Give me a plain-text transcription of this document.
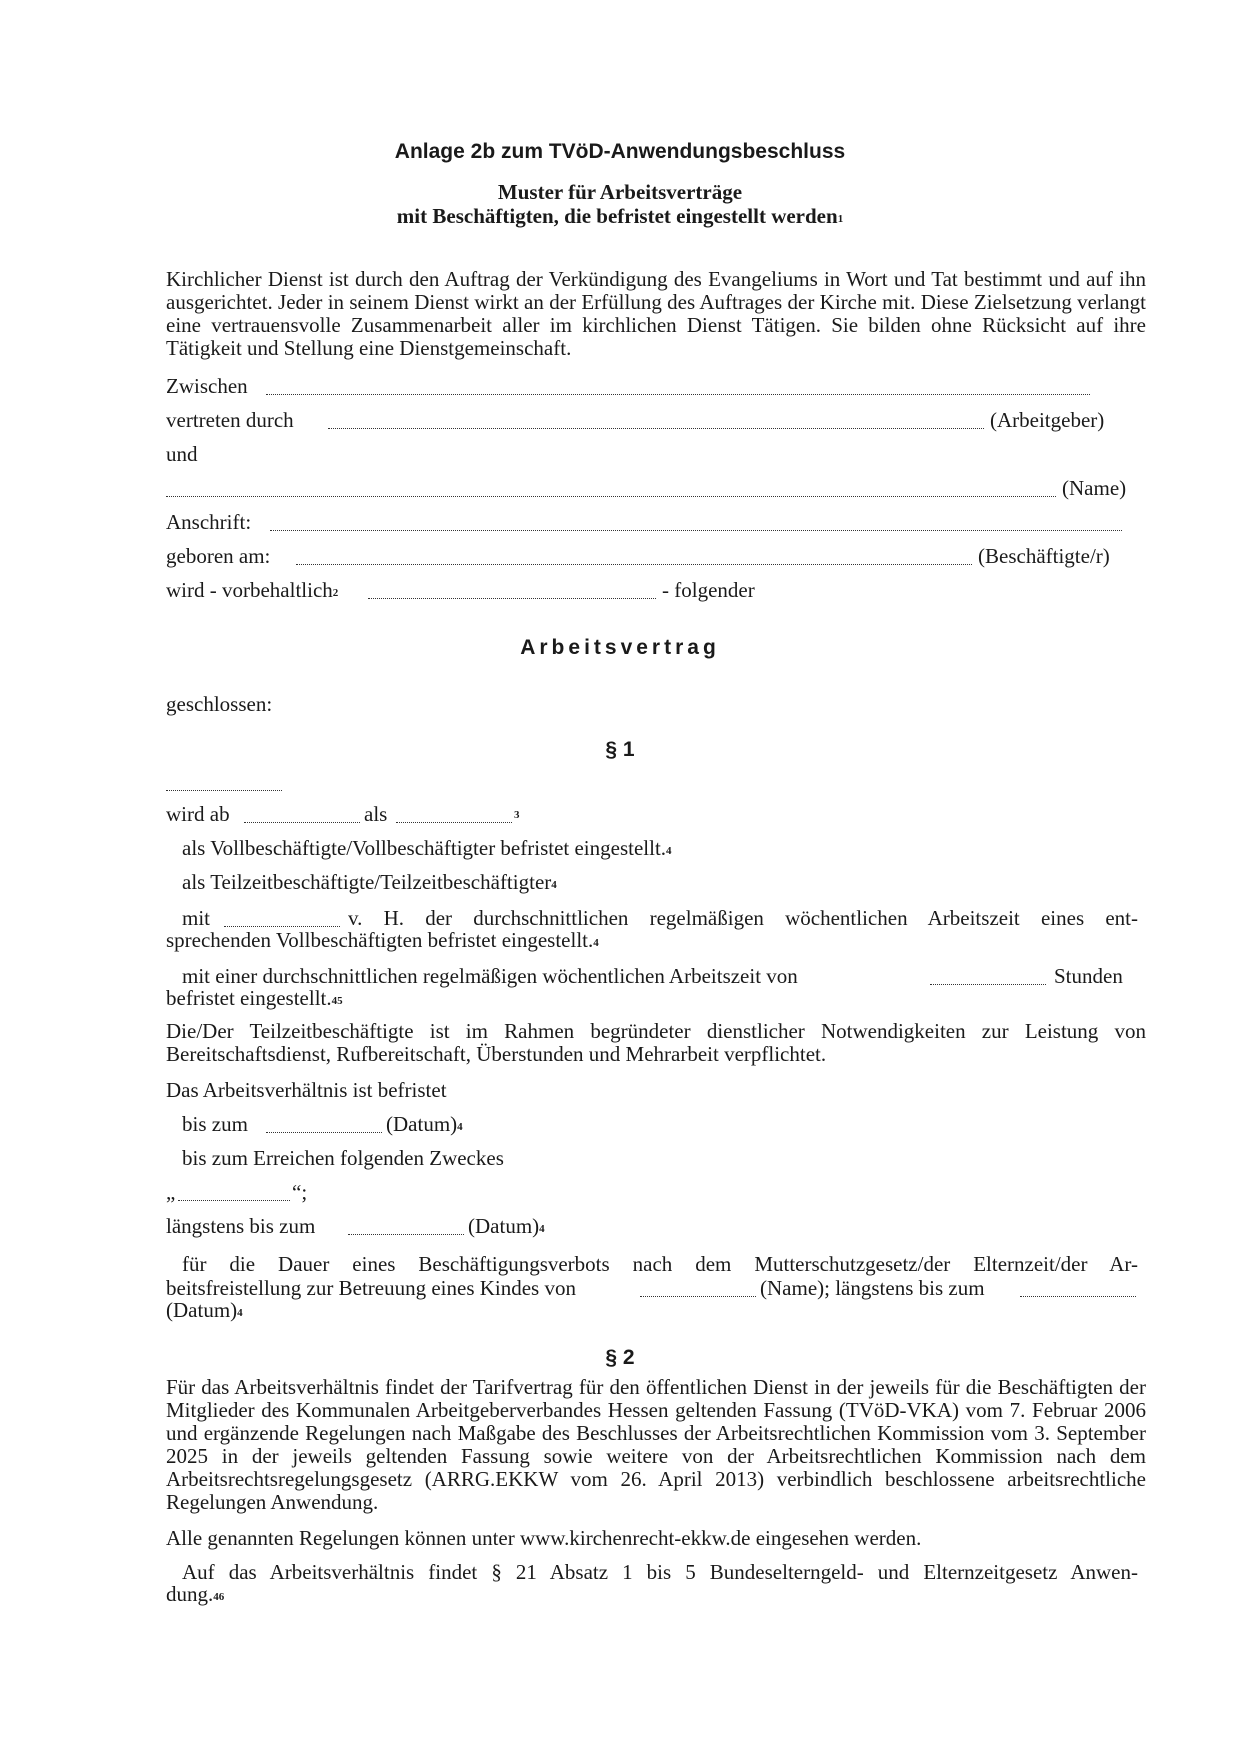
Anlage 2b zum TVöD-Anwendungsbeschluss
Muster für Arbeitsverträge
mit Beschäftigten, die befristet eingestellt werden1
Kirchlicher Dienst ist durch den Auftrag der Verkündigung des Evangeliums in Wort und Tat bestimmt und auf ihn ausgerichtet. Jeder in seinem Dienst wirkt an der Erfüllung des Auftrages der Kirche mit. Diese Zielsetzung verlangt eine vertrauensvolle Zusammenarbeit aller im kirchlichen Dienst Tätigen. Sie bilden ohne Rücksicht auf ihre Tätigkeit und Stellung eine Dienstgemeinschaft.
Zwischen
vertreten durch	(Arbeitgeber)
und
(Name)
Anschrift:
geboren am:	(Beschäftigte/r)
wird - vorbehaltlich2	- folgender
Arbeitsvertrag
geschlossen:
§ 1
wird ab	als	3
als Vollbeschäftigte/Vollbeschäftigter befristet eingestellt.4
als Teilzeitbeschäftigte/Teilzeitbeschäftigter4
mit	v. H. der durchschnittlichen regelmäßigen wöchentlichen Arbeitszeit eines ent-
sprechenden Vollbeschäftigten befristet eingestellt.4
mit einer durchschnittlichen regelmäßigen wöchentlichen Arbeitszeit von	Stunden
befristet eingestellt.45
Die/Der Teilzeitbeschäftigte ist im Rahmen begründeter dienstlicher Notwendigkeiten zur Leistung von Bereitschaftsdienst, Rufbereitschaft, Überstunden und Mehrarbeit verpflichtet.
Das Arbeitsverhältnis ist befristet
bis zum	(Datum)4
bis zum Erreichen folgenden Zweckes
„	“;
längstens bis zum	(Datum)4
für die Dauer eines Beschäftigungsverbots nach dem Mutterschutzgesetz/der Elternzeit/der Ar-
beitsfreistellung zur Betreuung eines Kindes von	(Name); längstens bis zum
(Datum)4
§ 2
Für das Arbeitsverhältnis findet der Tarifvertrag für den öffentlichen Dienst in der jeweils für die Beschäftigten der Mitglieder des Kommunalen Arbeitgeberverbandes Hessen geltenden Fassung (TVöD-VKA) vom 7. Februar 2006 und ergänzende Regelungen nach Maßgabe des Beschlusses der Arbeitsrechtlichen Kommission vom 3. September 2025 in der jeweils geltenden Fassung sowie weitere von der Arbeitsrechtlichen Kommission nach dem Arbeitsrechtsregelungsgesetz (ARRG.EKKW vom 26. April 2013) verbindlich beschlossene arbeitsrechtliche Regelungen Anwendung.
Alle genannten Regelungen können unter www.kirchenrecht-ekkw.de eingesehen werden.
Auf das Arbeitsverhältnis findet § 21 Absatz 1 bis 5 Bundeselterngeld- und Elternzeitgesetz Anwen-
dung.46
